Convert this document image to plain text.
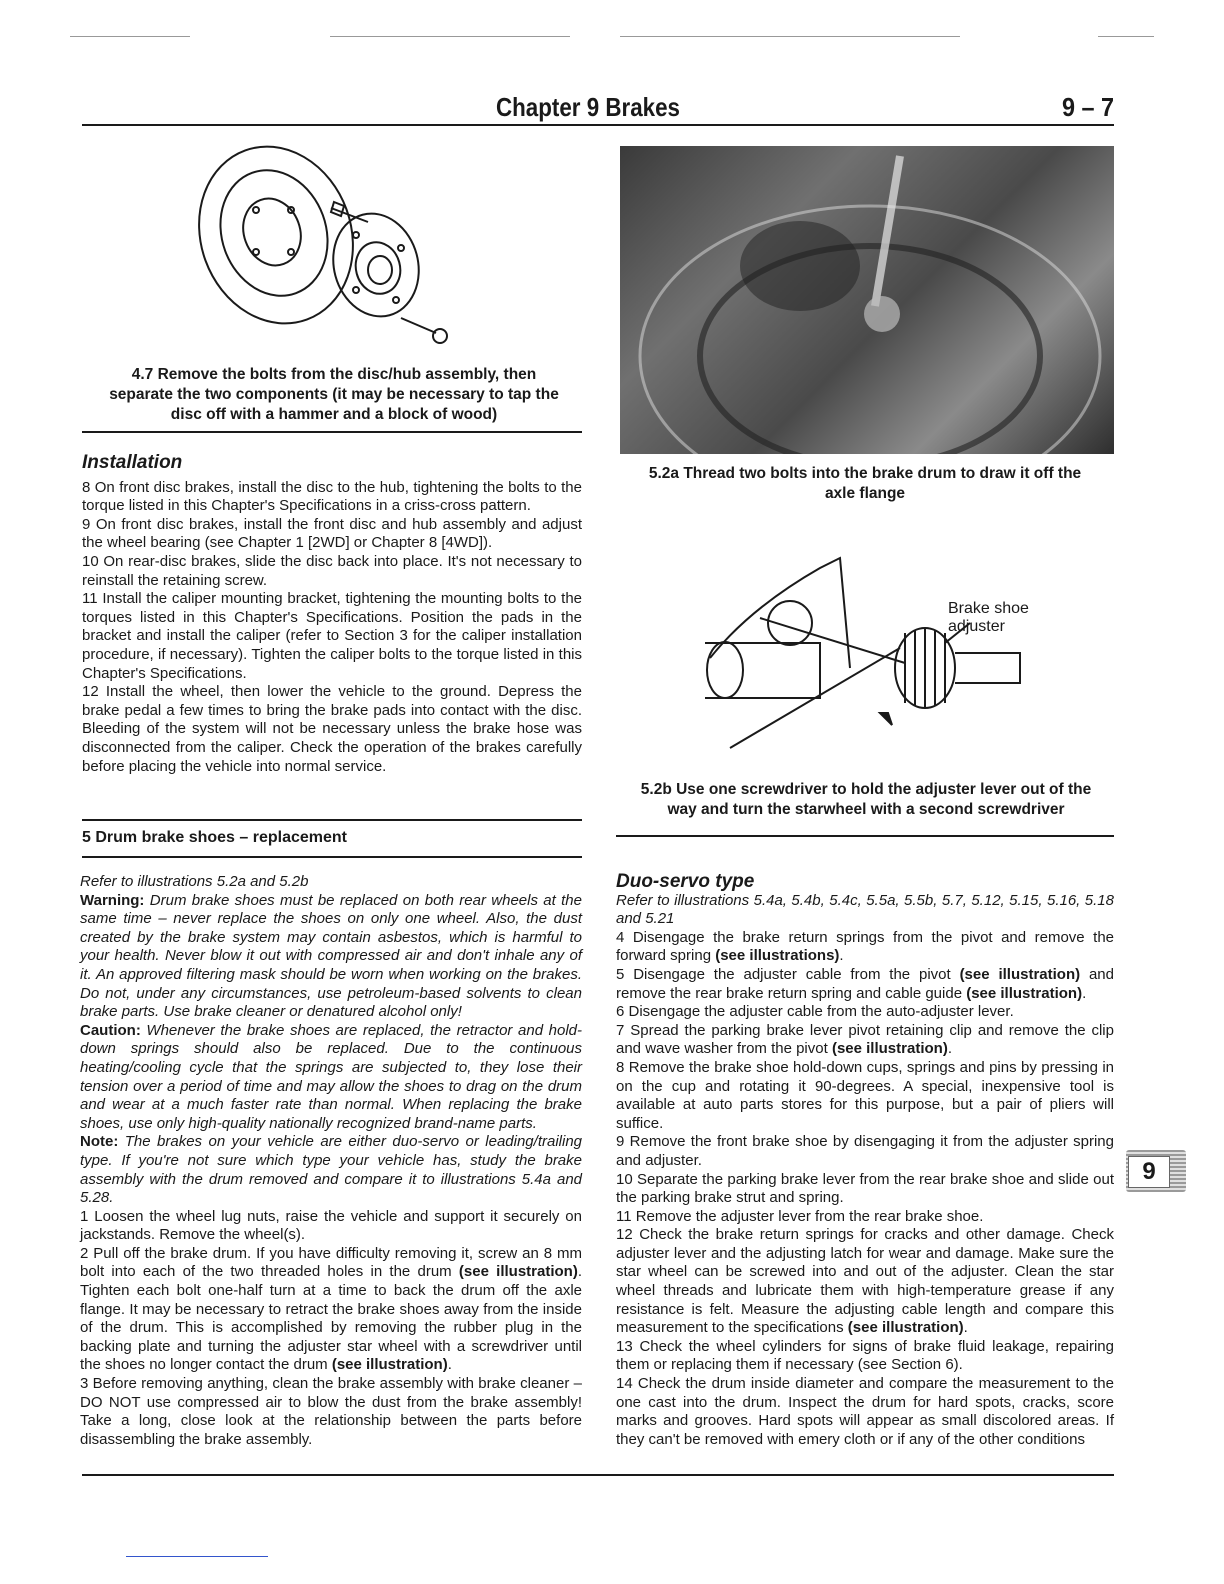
Chapter 9 Brakes	9 – 7
4.7 Remove the bolts from the disc/hub assembly, then separate the two components (it may be necessary to tap the disc off with a hammer and a block of wood)
5.2a Thread two bolts into the brake drum to draw it off the axle flange
Brake shoe
adjuster
5.2b Use one screwdriver to hold the adjuster lever out of the way and turn the starwheel with a second screwdriver
Installation

8 On front disc brakes, install the disc to the hub, tightening the bolts to the torque listed in this Chapter's Specifications in a criss-cross pattern.

9 On front disc brakes, install the front disc and hub assembly and adjust the wheel bearing (see Chapter 1 [2WD] or Chapter 8 [4WD]).

10 On rear-disc brakes, slide the disc back into place. It's not necessary to reinstall the retaining screw.

11 Install the caliper mounting bracket, tightening the mounting bolts to the torques listed in this Chapter's Specifications. Position the pads in the bracket and install the caliper (refer to Section 3 for the caliper installation procedure, if necessary). Tighten the caliper bolts to the torque listed in this Chapter's Specifications.

12 Install the wheel, then lower the vehicle to the ground. Depress the brake pedal a few times to bring the brake pads into contact with the disc. Bleeding of the system will not be necessary unless the brake hose was disconnected from the caliper. Check the operation of the brakes carefully before placing the vehicle into normal service.

5 Drum brake shoes – replacement

Refer to illustrations 5.2a and 5.2b

Warning: Drum brake shoes must be replaced on both rear wheels at the same time – never replace the shoes on only one wheel. Also, the dust created by the brake system may contain asbestos, which is harmful to your health. Never blow it out with compressed air and don't inhale any of it. An approved filtering mask should be worn when working on the brakes. Do not, under any circumstances, use petroleum-based solvents to clean brake parts. Use brake cleaner or denatured alcohol only!

Caution: Whenever the brake shoes are replaced, the retractor and hold-down springs should also be replaced. Due to the continuous heating/cooling cycle that the springs are subjected to, they lose their tension over a period of time and may allow the shoes to drag on the drum and wear at a much faster rate than normal. When replacing the brake shoes, use only high-quality nationally recognized brand-name parts.

Note: The brakes on your vehicle are either duo-servo or leading/trailing type. If you're not sure which type your vehicle has, study the brake assembly with the drum removed and compare it to illustrations 5.4a and 5.28.

1 Loosen the wheel lug nuts, raise the vehicle and support it securely on jackstands. Remove the wheel(s).

2 Pull off the brake drum. If you have difficulty removing it, screw an 8 mm bolt into each of the two threaded holes in the drum (see illustration). Tighten each bolt one-half turn at a time to back the drum off the axle flange. It may be necessary to retract the brake shoes away from the inside of the drum. This is accomplished by removing the rubber plug in the backing plate and turning the adjuster star wheel with a screwdriver until the shoes no longer contact the drum (see illustration).

3 Before removing anything, clean the brake assembly with brake cleaner – DO NOT use compressed air to blow the dust from the brake assembly! Take a long, close look at the relationship between the parts before disassembling the brake assembly.

Duo-servo type

Refer to illustrations 5.4a, 5.4b, 5.4c, 5.5a, 5.5b, 5.7, 5.12, 5.15, 5.16, 5.18 and 5.21

4 Disengage the brake return springs from the pivot and remove the forward spring (see illustrations).

5 Disengage the adjuster cable from the pivot (see illustration) and remove the rear brake return spring and cable guide (see illustration).

6 Disengage the adjuster cable from the auto-adjuster lever.

7 Spread the parking brake lever pivot retaining clip and remove the clip and wave washer from the pivot (see illustration).

8 Remove the brake shoe hold-down cups, springs and pins by pressing in on the cup and rotating it 90-degrees. A special, inexpensive tool is available at auto parts stores for this purpose, but a pair of pliers will suffice.

9 Remove the front brake shoe by disengaging it from the adjuster spring and adjuster.

10 Separate the parking brake lever from the rear brake shoe and slide out the parking brake strut and spring.

11 Remove the adjuster lever from the rear brake shoe.

12 Check the brake return springs for cracks and other damage. Check adjuster lever and the adjusting latch for wear and damage. Make sure the star wheel can be screwed into and out of the adjuster. Clean the star wheel threads and lubricate them with high-temperature grease if any resistance is felt. Measure the adjusting cable length and compare this measurement to the specifications (see illustration).

13 Check the wheel cylinders for signs of brake fluid leakage, repairing them or replacing them if necessary (see Section 6).

14 Check the drum inside diameter and compare the measurement to the one cast into the drum. Inspect the drum for hard spots, cracks, score marks and grooves. Hard spots will appear as small discolored areas. If they can't be removed with emery cloth or if any of the other conditions

9
